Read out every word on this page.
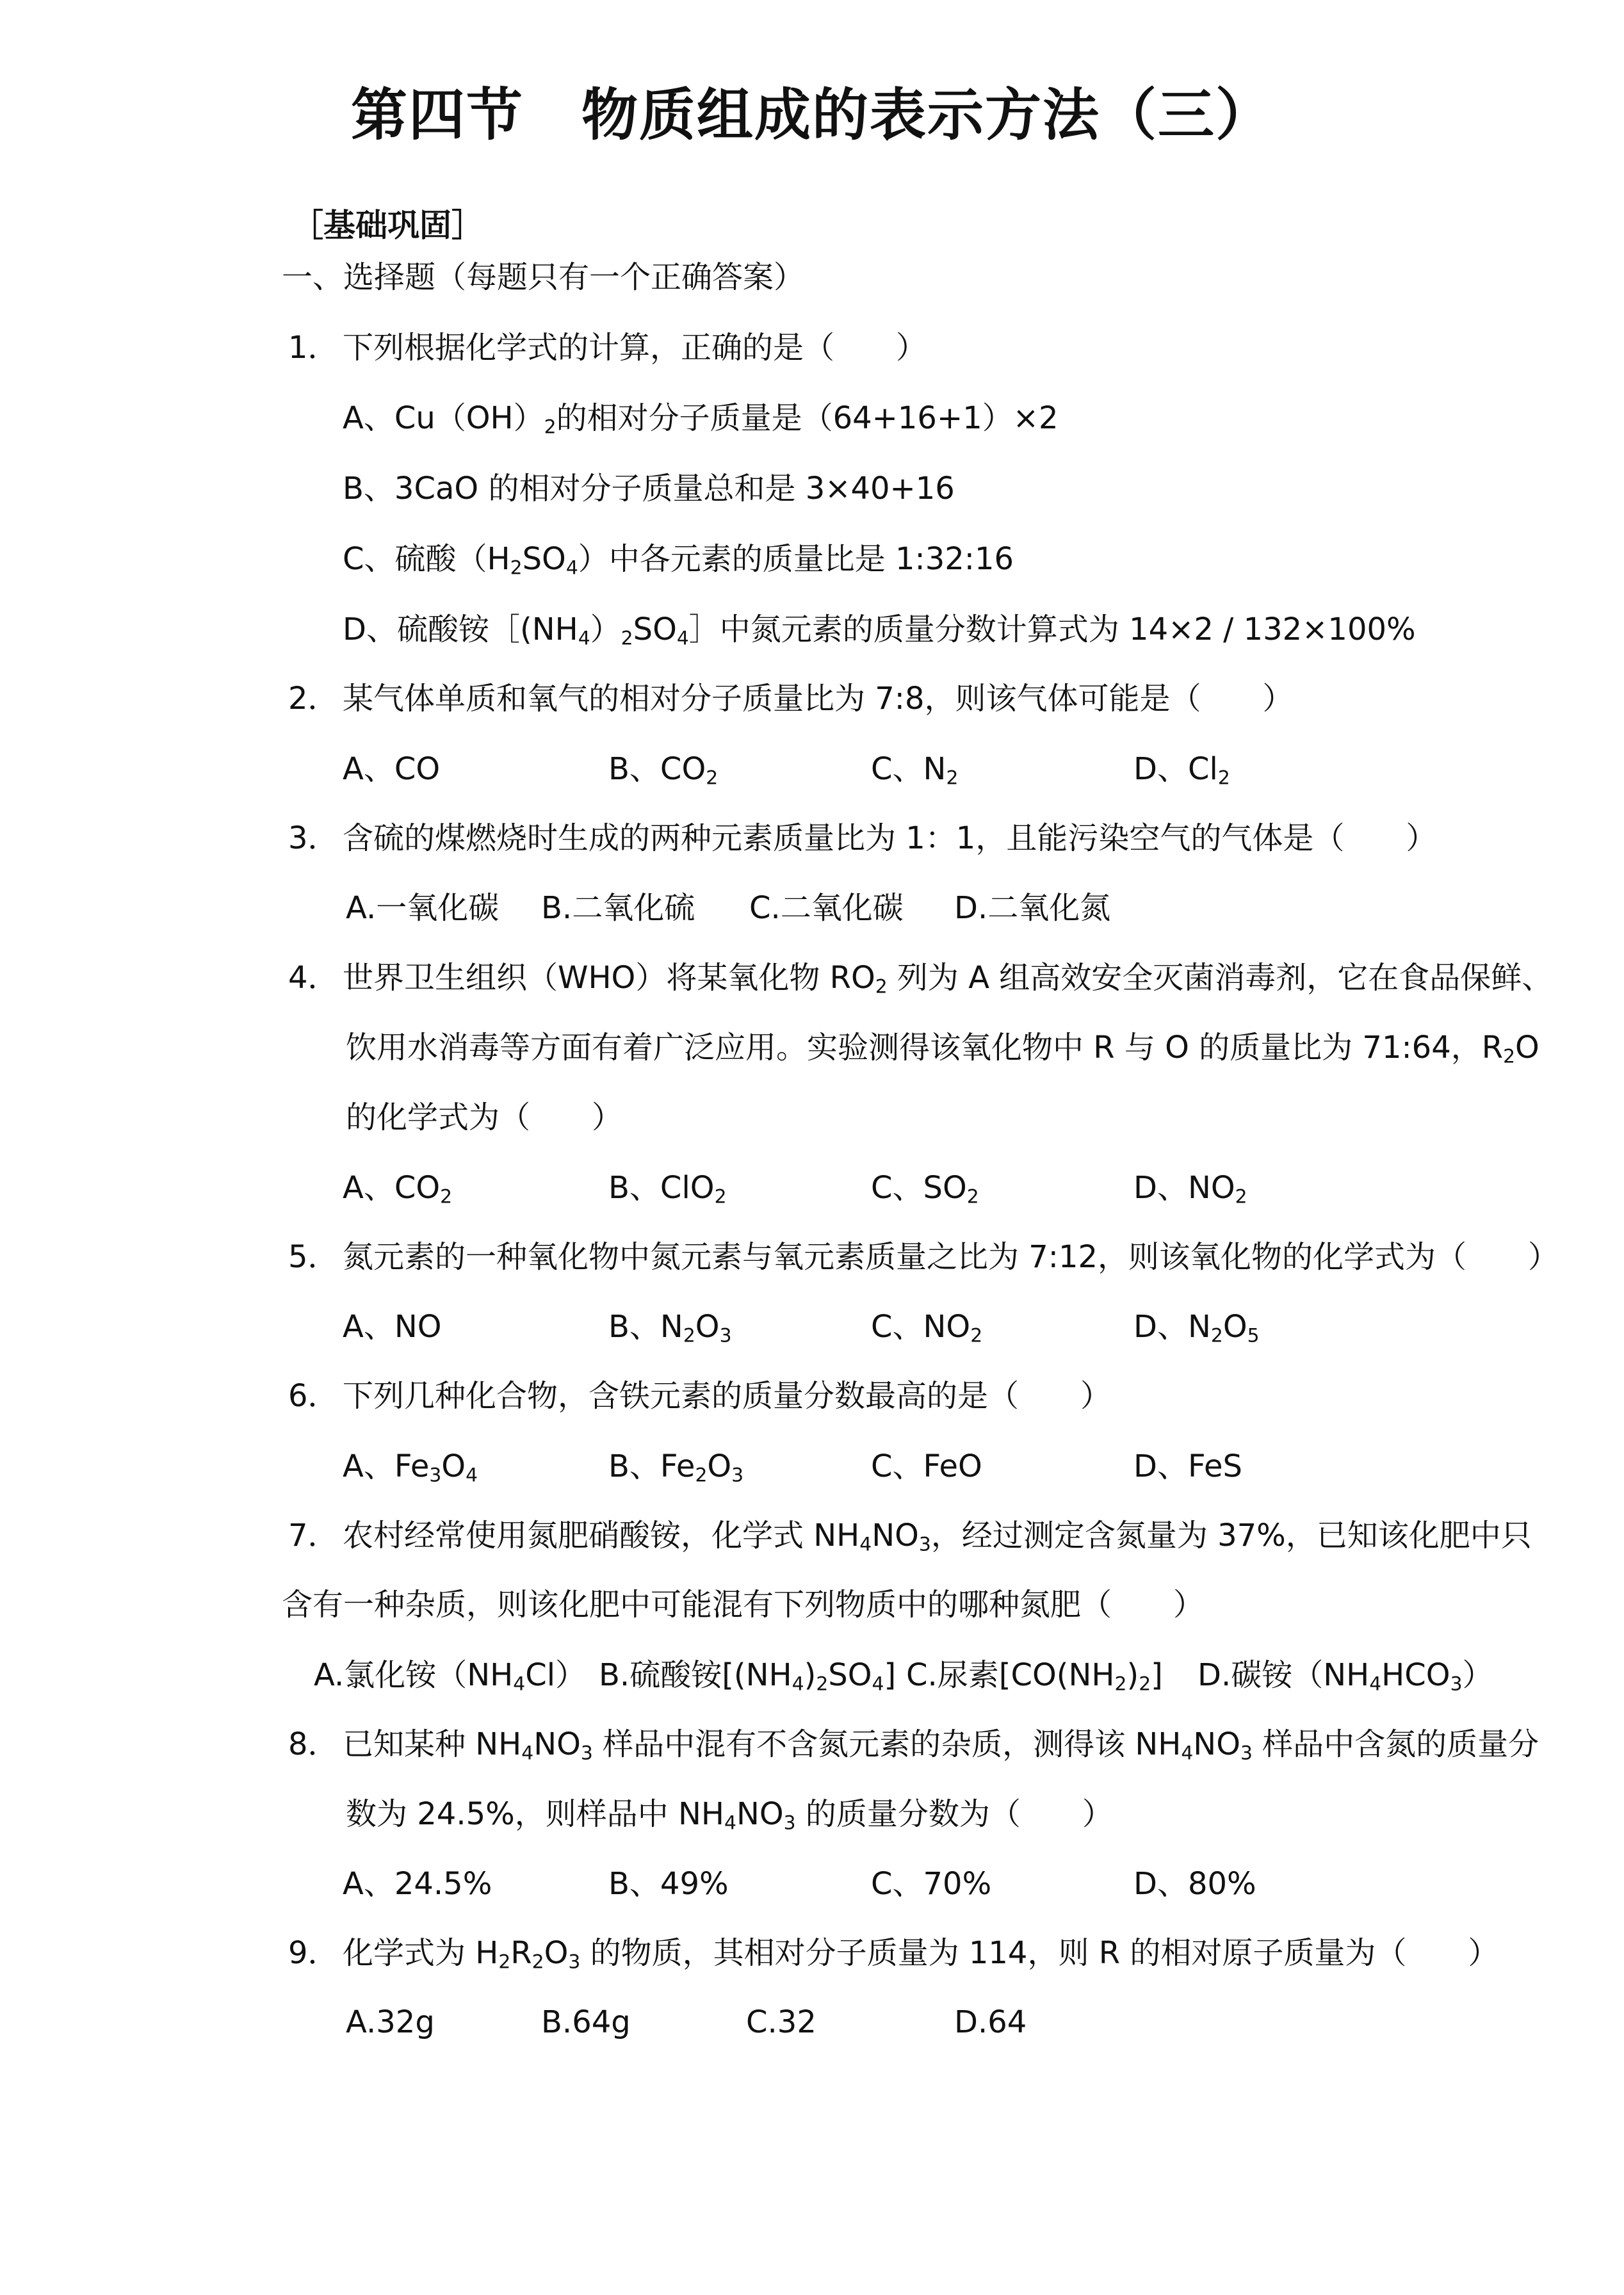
第四节　物质组成的表示方法（三）
［基础巩固］
一、选择题（每题只有一个正确答案）
1． 下列根据化学式的计算，正确的是（　　）
A、$Cu(OH)_2$的相对分子质量是（64+16+1）×2
B、3CaO 的相对分子质量总和是 3×40+16
C、硫酸$(H_2SO_4)$中各元素的质量比是 1:32:16
D、硫酸铵$[(NH_4)_2SO_4]$中氮元素的质量分数计算式为 14×2 / 132×100%
2． 某气体单质和氧气的相对分子质量比为 7:8，则该气体可能是（　　）
A、CO	B、$CO_2$	C、$N_2$	D、$Cl_2$
3． 含硫的煤燃烧时生成的两种元素质量比为 1：1，且能污染空气的气体是（　　）
A.一氧化碳 B.二氧化硫 C.二氧化碳 D.二氧化氮
4． 世界卫生组织（WHO）将某氧化物 $RO_2$ 列为 A 组高效安全灭菌消毒剂，它在食品保鲜、
饮用水消毒等方面有着广泛应用。实验测得该氧化物中 R 与 O 的质量比为 71:64，$R_2O$
的化学式为（　　）
A、$CO_2$	B、ClO$_2$	C、$SO_2$	D、$NO_2$
5． 氮元素的一种氧化物中氮元素与氧元素质量之比为 7:12，则该氧化物的化学式为（　　）
A、NO	B、$N_2O_3$	C、$NO_2$	D、$N_2O_5$
6． 下列几种化合物，含铁元素的质量分数最高的是（　　）
A、$Fe_3O_4$	B、$Fe_2O_3$	C、FeO	D、FeS
7． 农村经常使用氮肥硝酸铵，化学式 $NH_4NO_3$，经过测定含氮量为 37%，已知该化肥中只
含有一种杂质，则该化肥中可能混有下列物质中的哪种氮肥（　　）
A.氯化铵$(NH_4Cl)$ B.硫酸铵$[(NH_4)_2SO_4]$ C.尿素$[CO(NH_2)_2]$ D.碳铵$(NH_4HCO_3)$
8． 已知某种 $NH_4NO_3$ 样品中混有不含氮元素的杂质，测得该 $NH_4NO_3$ 样品中含氮的质量分
数为 24.5%，则样品中 $NH_4NO_3$ 的质量分数为（　　）
A、24.5%	B、49%	C、70%	D、80%
9． 化学式为 $H_2R_2O_3$ 的物质，其相对分子质量为 114，则 R 的相对原子质量为（　　）
A.32g	B.64g	C.32	D.64
